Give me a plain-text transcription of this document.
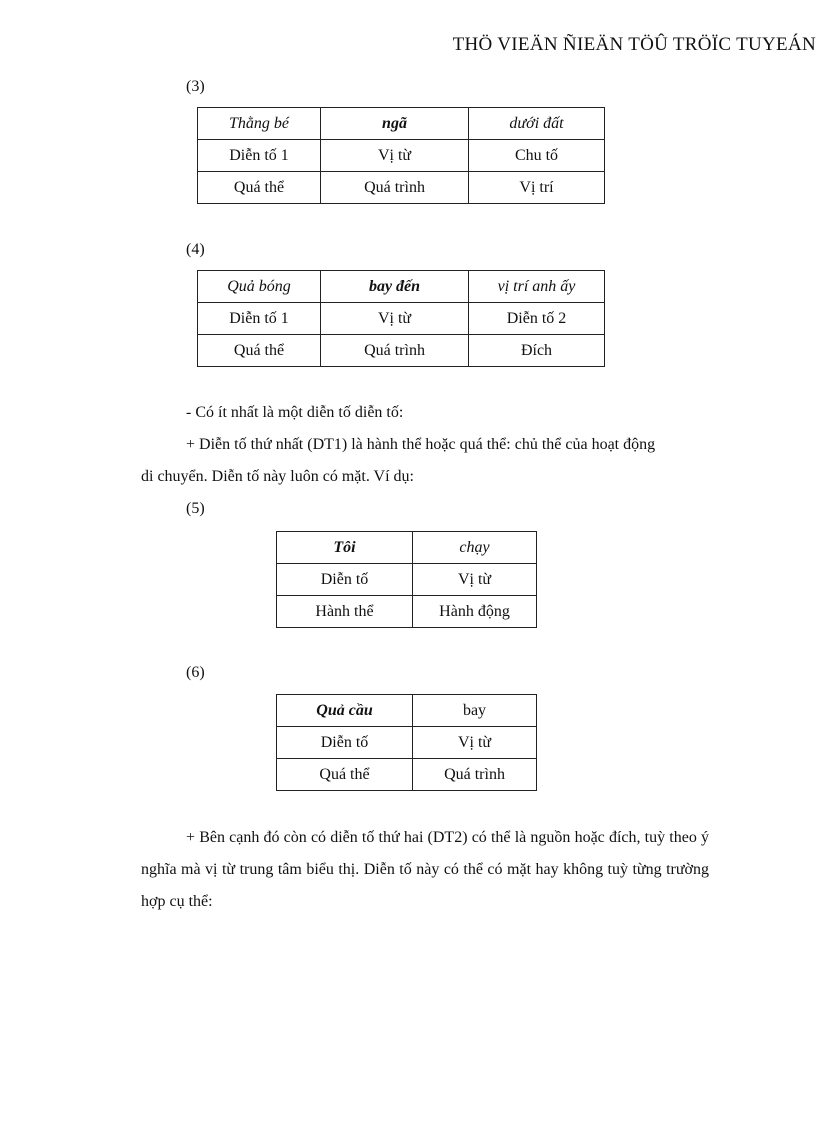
THÖ VIEÄN ÑIEÄN TÖÛ TRÖÏC TUYEÁN
(3)
Thằng bé	ngã	dưới đất
Diễn tố 1	Vị từ	Chu tố
Quá thể	Quá trình	Vị trí
(4)
Quả bóng	bay đến	vị trí anh ấy
Diễn tố 1	Vị từ	Diễn tố 2
Quá thể	Quá trình	Đích
- Có ít nhất là một diễn tố diễn tố:
+ Diễn tố thứ nhất (DT1) là hành thể hoặc quá thể: chủ thể của hoạt động
di chuyển. Diễn tố này luôn có mặt. Ví dụ:
(5)
Tôi	chạy
Diễn tố	Vị từ
Hành thể	Hành động
(6)
Quả cầu	bay
Diễn tố	Vị từ
Quá thể	Quá trình
+ Bên cạnh đó còn có diễn tố thứ hai (DT2) có thể là nguồn hoặc đích, tuỳ theo ý nghĩa mà vị từ trung tâm biểu thị. Diễn tố này có thể có mặt hay không tuỳ từng trường hợp cụ thể:
